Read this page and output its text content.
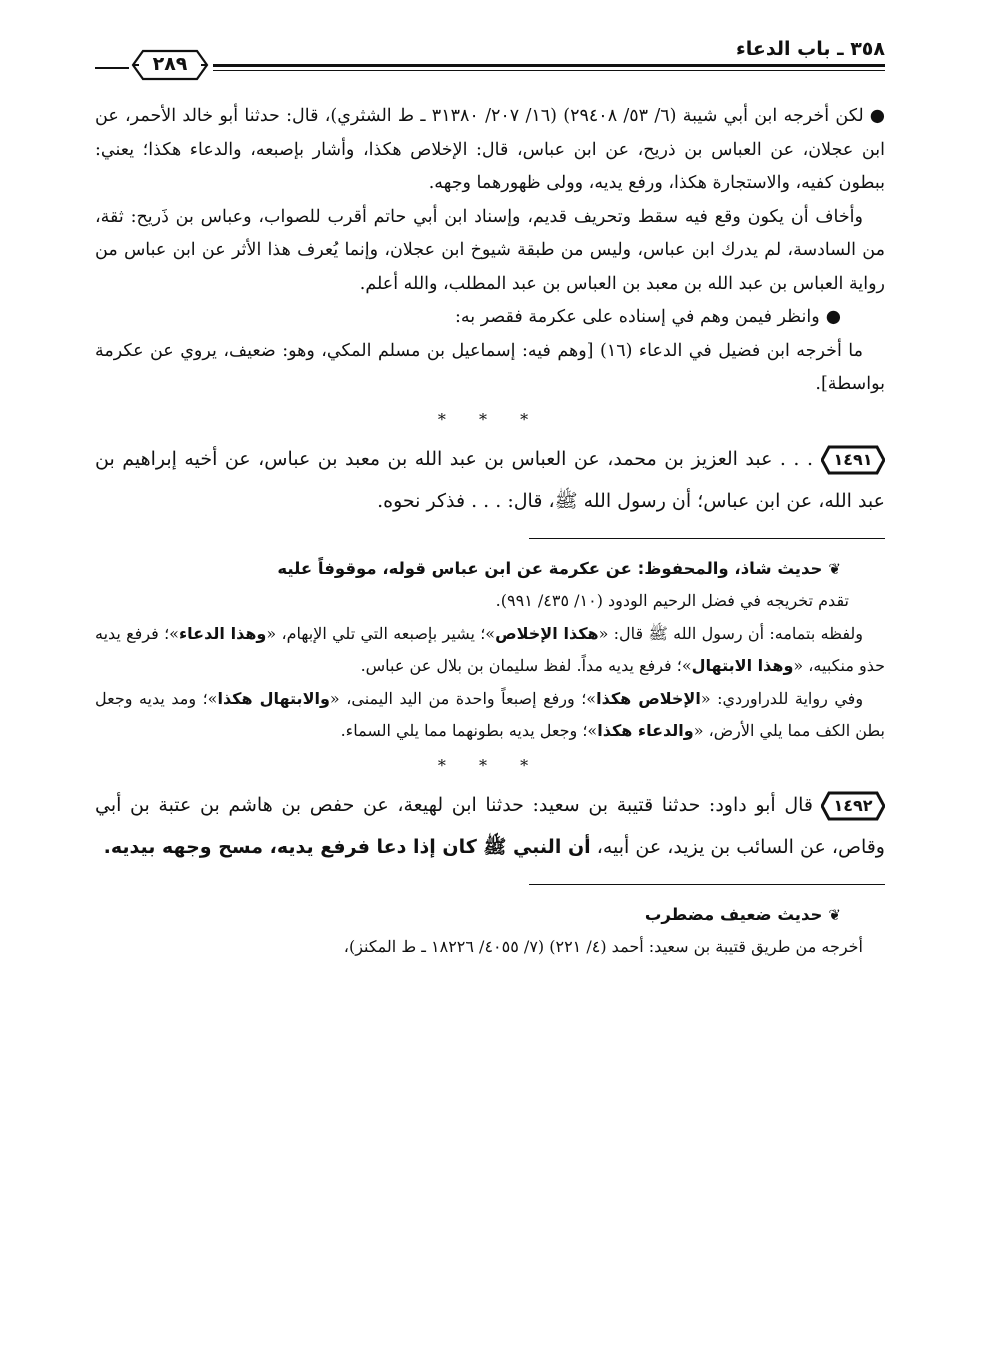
٣٥٨ ـ باب الدعاء
٢٨٩

●لكن أخرجه ابن أبي شيبة (٦/ ٥٣/ ٢٩٤٠٨) (١٦/ ٢٠٧/ ٣١٣٨٠ ـ ط الشثري)، قال: حدثنا أبو خالد الأحمر، عن ابن عجلان، عن العباس بن ذريح، عن ابن عباس، قال: الإخلاص هكذا، وأشار بإصبعه، والدعاء هكذا؛ يعني: ببطون كفيه، والاستجارة هكذا، ورفع يديه، وولى ظهورهما وجهه.

وأخاف أن يكون وقع فيه سقط وتحريف قديم، وإسناد ابن أبي حاتم أقرب للصواب، وعباس بن ذَريح: ثقة، من السادسة، لم يدرك ابن عباس، وليس من طبقة شيوخ ابن عجلان، وإنما يُعرف هذا الأثر عن ابن عباس من رواية العباس بن عبد الله بن معبد بن العباس بن عبد المطلب، والله أعلم.

●وانظر فيمن وهم في إسناده على عكرمة فقصر به:

ما أخرجه ابن فضيل في الدعاء (١٦) [وهم فيه: إسماعيل بن مسلم المكي، وهو: ضعيف، يروي عن عكرمة بواسطة].

* * *

١٤٩١
. . . عبد العزيز بن محمد، عن العباس بن عبد الله بن معبد بن عباس، عن أخيه إبراهيم بن عبد الله، عن ابن عباس؛ أن رسول الله ﷺ، قال: . . . فذكر نحوه.

❦حديث شاذ، والمحفوظ: عن عكرمة عن ابن عباس قوله، موقوفاً عليه

تقدم تخريجه في فضل الرحيم الودود (١٠/ ٤٣٥/ ٩٩١).

ولفظه بتمامه: أن رسول الله ﷺ قال: «هكذا الإخلاص»؛ يشير بإصبعه التي تلي الإبهام، «وهذا الدعاء»؛ فرفع يديه حذو منكبيه، «وهذا الابتهال»؛ فرفع يديه مداً. لفظ سليمان بن بلال عن عباس.

وفي رواية للدراوردي: «الإخلاص هكذا»؛ ورفع إصبعاً واحدة من اليد اليمنى، «والابتهال هكذا»؛ ومد يديه وجعل بطن الكف مما يلي الأرض، «والدعاء هكذا»؛ وجعل يديه بطونهما مما يلي السماء.

* * *

١٤٩٢
قال أبو داود: حدثنا قتيبة بن سعيد: حدثنا ابن لهيعة، عن حفص بن هاشم بن عتبة بن أبي وقاص، عن السائب بن يزيد، عن أبيه، أن النبي ﷺ كان إذا دعا فرفع يديه، مسح وجهه بيديه.

❦حديث ضعيف مضطرب

أخرجه من طريق قتيبة بن سعيد: أحمد (٤/ ٢٢١) (٧/ ٤٠٥٥/ ١٨٢٢٦ ـ ط المكنز)،
